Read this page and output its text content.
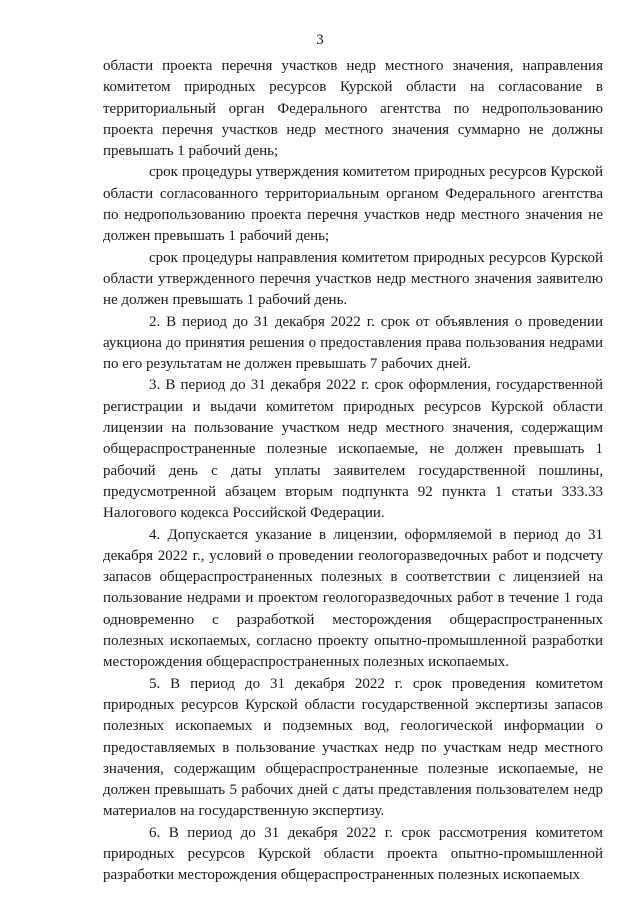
3

области проекта перечня участков недр местного значения, направления комитетом природных ресурсов Курской области на согласование в территориальный орган Федерального агентства по недропользованию проекта перечня участков недр местного значения суммарно не должны превышать 1 рабочий день;

срок процедуры утверждения комитетом природных ресурсов Курской области согласованного территориальным органом Федерального агентства по недропользованию проекта перечня участков недр местного значения не должен превышать 1 рабочий день;

срок процедуры направления комитетом природных ресурсов Курской области утвержденного перечня участков недр местного значения заявителю не должен превышать 1 рабочий день.

2. В период до 31 декабря 2022 г. срок от объявления о проведении аукциона до принятия решения о предоставления права пользования недрами по его результатам не должен превышать 7 рабочих дней.

3. В период до 31 декабря 2022 г. срок оформления, государственной регистрации и выдачи комитетом природных ресурсов Курской области лицензии на пользование участком недр местного значения, содержащим общераспространенные полезные ископаемые, не должен превышать 1 рабочий день с даты уплаты заявителем государственной пошлины, предусмотренной абзацем вторым подпункта 92 пункта 1 статьи 333.33 Налогового кодекса Российской Федерации.

4. Допускается указание в лицензии, оформляемой в период до 31 декабря 2022 г., условий о проведении геологоразведочных работ и подсчету запасов общераспространенных полезных в соответствии с лицензией на пользование недрами и проектом геологоразведочных работ в течение 1 года одновременно с разработкой месторождения общераспространенных полезных ископаемых, согласно проекту опытно-промышленной разработки месторождения общераспространенных полезных ископаемых.

5. В период до 31 декабря 2022 г. срок проведения комитетом природных ресурсов Курской области государственной экспертизы запасов полезных ископаемых и подземных вод, геологической информации о предоставляемых в пользование участках недр по участкам недр местного значения, содержащим общераспространенные полезные ископаемые, не должен превышать 5 рабочих дней с даты представления пользователем недр материалов на государственную экспертизу.

6. В период до 31 декабря 2022 г. срок рассмотрения комитетом природных ресурсов Курской области проекта опытно-промышленной разработки месторождения общераспространенных полезных ископаемых
